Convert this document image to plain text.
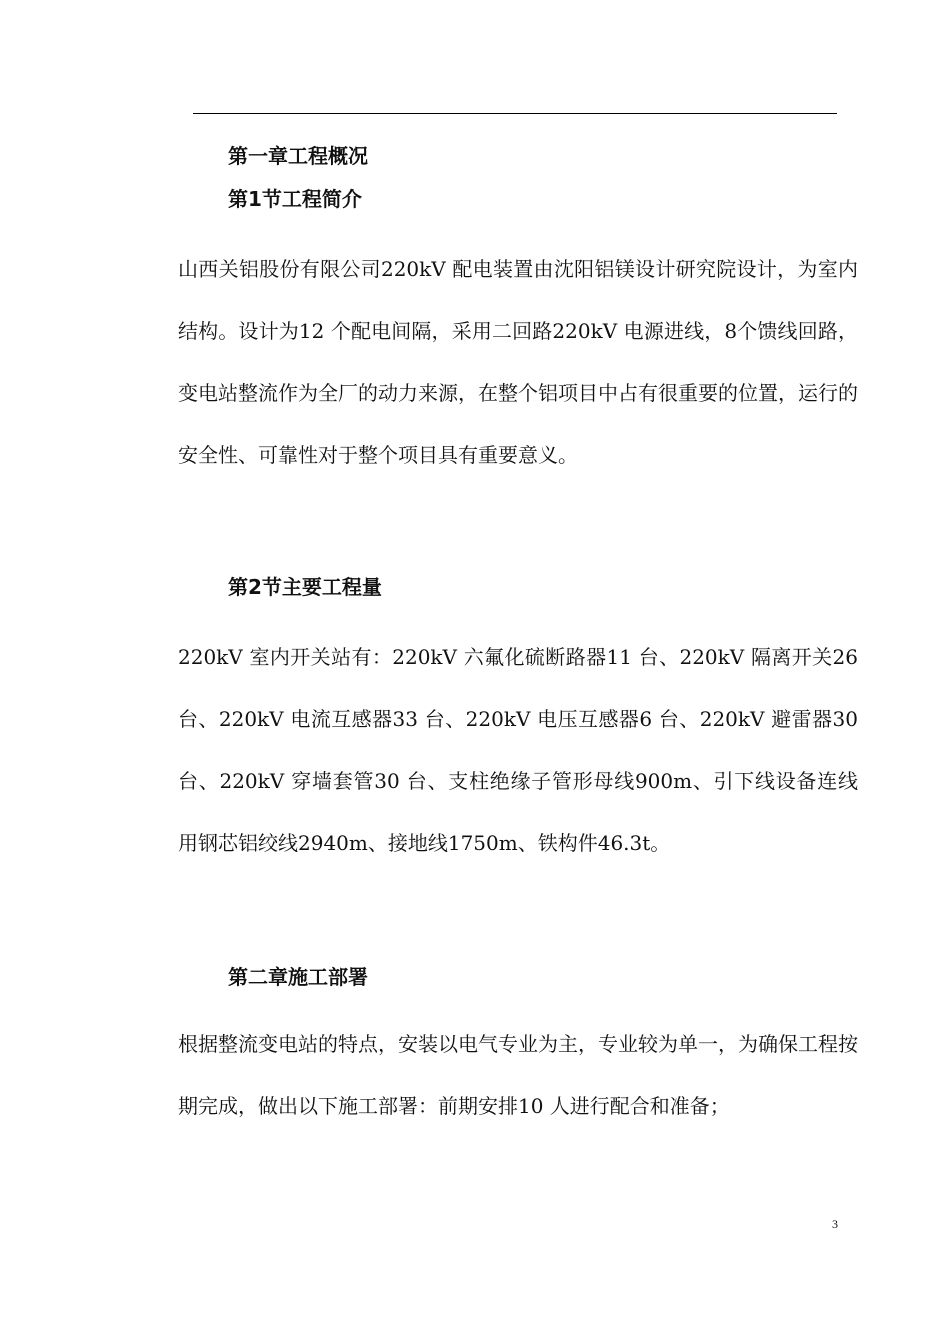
第一章工程概况
第1节工程简介

山西关铝股份有限公司220kV 配电装置由沈阳铝镁设计研究院设计，为室内结构。设计为12 个配电间隔，采用二回路220kV 电源进线，8个馈线回路，变电站整流作为全厂的动力来源，在整个铝项目中占有很重要的位置，运行的安全性、可靠性对于整个项目具有重要意义。

第2节主要工程量

220kV 室内开关站有：220kV 六氟化硫断路器11 台、220kV 隔离开关26 台、220kV 电流互感器33 台、220kV 电压互感器6 台、220kV 避雷器30 台、220kV 穿墙套管30 台、支柱绝缘子管形母线900m、引下线设备连线用钢芯铝绞线2940m、接地线1750m、铁构件46.3t。

第二章施工部署

根据整流变电站的特点，安装以电气专业为主，专业较为单一，为确保工程按期完成，做出以下施工部署：前期安排10 人进行配合和准备；

3
